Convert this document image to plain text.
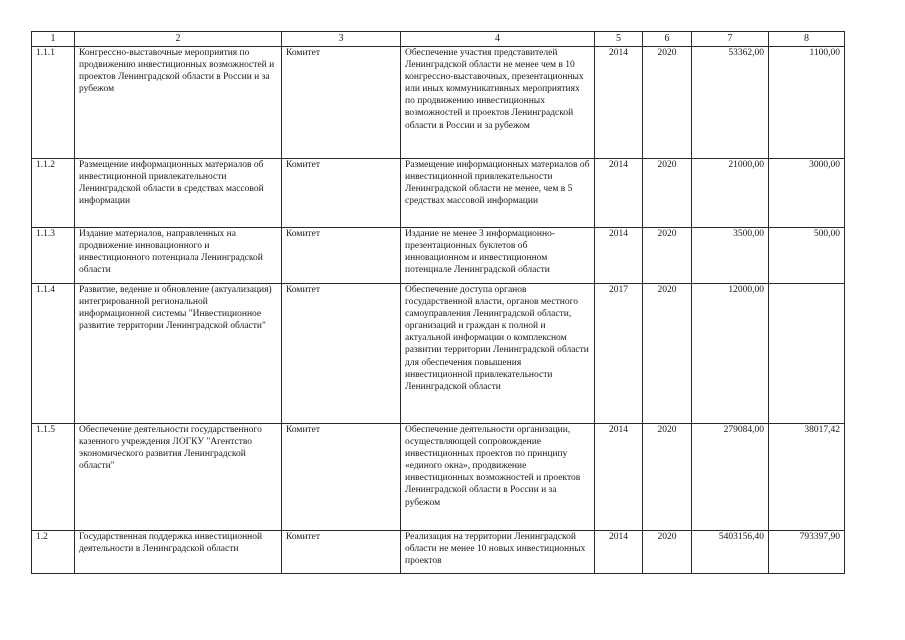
1	2	3	4	5	6	7	8
1.1.1	Конгрессно-выставочные мероприятия по продвижению инвестиционных возможностей и проектов Ленинградской области в России и за рубежом	Комитет	Обеспечение участия представителей Ленинградской области не менее чем в 10 конгрессно-выставочных, презентационных или иных коммуникативных мероприятиях по продвижению инвестиционных возможностей и проектов Ленинградской области в России и за рубежом	2014	2020	53362,00	1100,00
1.1.2	Размещение информационных материалов об инвестиционной привлекательности Ленинградской области в средствах массовой информации	Комитет	Размещение информационных материалов об инвестиционной привлекательности Ленинградской области не менее, чем в 5 средствах массовой информации	2014	2020	21000,00	3000,00
1.1.3	Издание материалов, направленных на продвижение инновационного и инвестиционного потенциала Ленинградской области	Комитет	Издание не менее 3 информационно-презентационных буклетов об инновационном и инвестиционном потенциале Ленинградской области	2014	2020	3500,00	500,00
1.1.4	Развитие, ведение и обновление (актуализация) интегрированной региональной информационной системы "Инвестиционное развитие территории Ленинградской области"	Комитет	Обеспечение доступа органов государственной власти, органов местного самоуправления Ленинградской области, организаций и граждан к полной и актуальной информации о комплексном развитии территории Ленинградской области для обеспечения повышения инвестиционной привлекательности Ленинградской области	2017	2020	12000,00	
1.1.5	Обеспечение деятельности государственного казенного учреждения ЛОГКУ "Агентство экономического развития Ленинградской области"	Комитет	Обеспечение деятельности организации, осуществляющей сопровождение инвестиционных проектов по принципу «единого окна», продвижение инвестиционных возможностей и проектов Ленинградской области в России и за рубежом	2014	2020	279084,00	38017,42
1.2	Государственная поддержка инвестиционной деятельности в Ленинградской области	Комитет	Реализация на территории Ленинградской области не менее 10 новых инвестиционных проектов	2014	2020	5403156,40	793397,90
